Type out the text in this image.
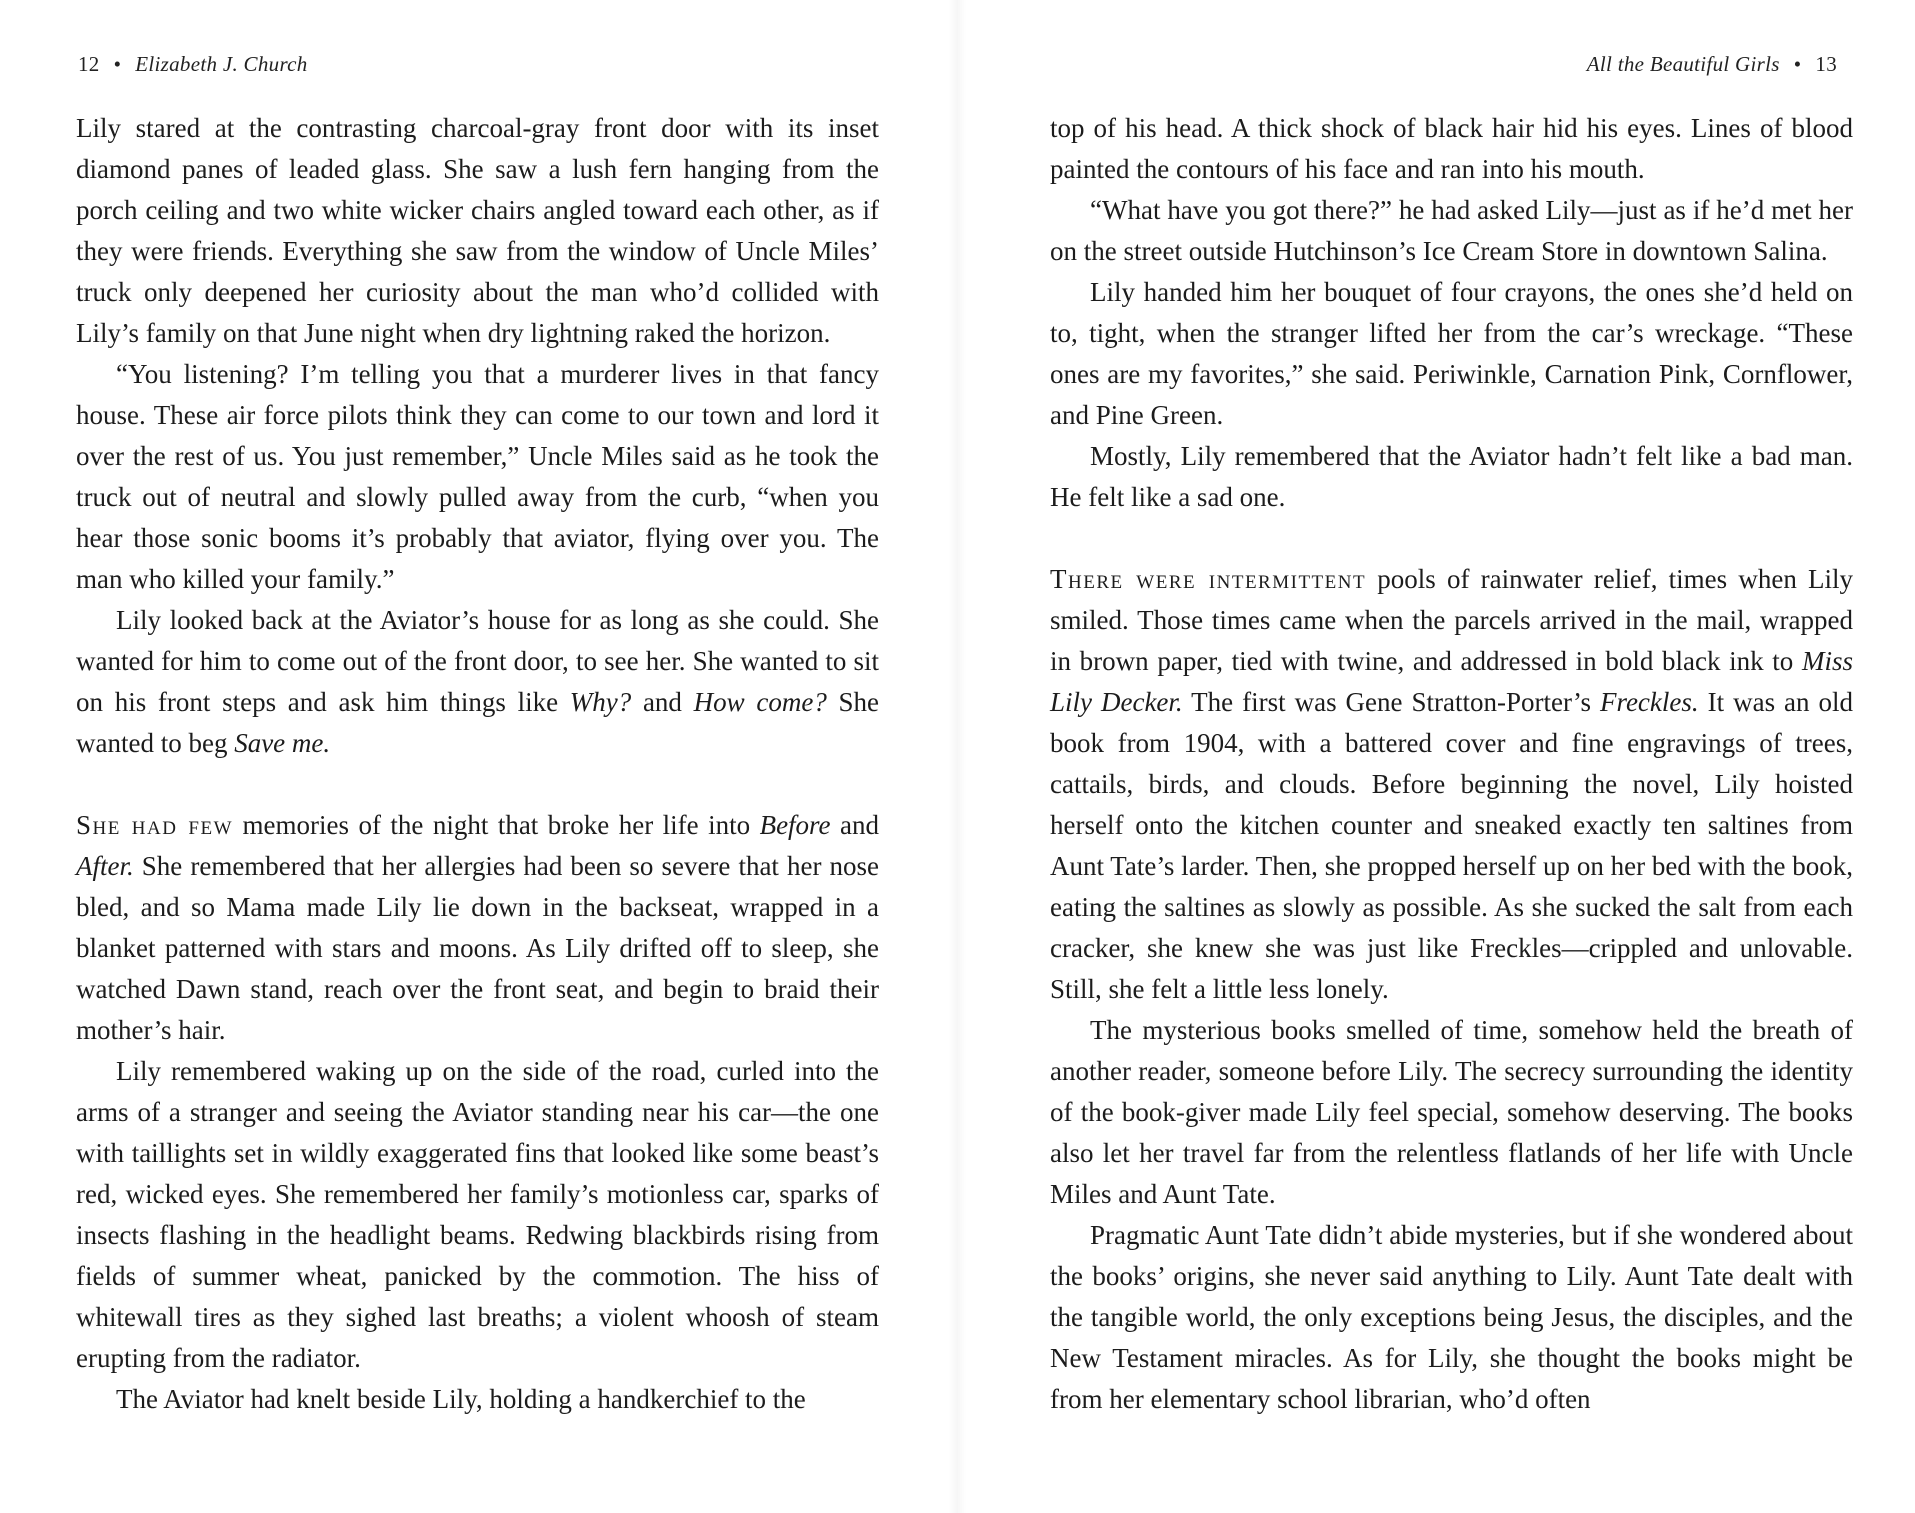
12 • Elizabeth J. Church

Lily stared at the contrasting charcoal-gray front door with its inset diamond panes of leaded glass. She saw a lush fern hanging from the porch ceiling and two white wicker chairs angled toward each other, as if they were friends. Everything she saw from the window of Uncle Miles’ truck only deepened her curiosity about the man who’d collided with Lily’s family on that June night when dry lightning raked the horizon.

“You listening? I’m telling you that a murderer lives in that fancy house. These air force pilots think they can come to our town and lord it over the rest of us. You just remember,” Uncle Miles said as he took the truck out of neutral and slowly pulled away from the curb, “when you hear those sonic booms it’s probably that aviator, flying over you. The man who killed your family.”

Lily looked back at the Aviator’s house for as long as she could. She wanted for him to come out of the front door, to see her. She wanted to sit on his front steps and ask him things like Why? and How come? She wanted to beg Save me.

She had few memories of the night that broke her life into Before and After. She remembered that her allergies had been so severe that her nose bled, and so Mama made Lily lie down in the backseat, wrapped in a blanket patterned with stars and moons. As Lily drifted off to sleep, she watched Dawn stand, reach over the front seat, and begin to braid their mother’s hair.

Lily remembered waking up on the side of the road, curled into the arms of a stranger and seeing the Aviator standing near his car—the one with taillights set in wildly exaggerated fins that looked like some beast’s red, wicked eyes. She remembered her family’s motionless car, sparks of insects flashing in the headlight beams. Redwing blackbirds rising from fields of summer wheat, panicked by the commotion. The hiss of whitewall tires as they sighed last breaths; a violent whoosh of steam erupting from the radiator.

The Aviator had knelt beside Lily, holding a handkerchief to the

All the Beautiful Girls • 13

top of his head. A thick shock of black hair hid his eyes. Lines of blood painted the contours of his face and ran into his mouth.

“What have you got there?” he had asked Lily—just as if he’d met her on the street outside Hutchinson’s Ice Cream Store in downtown Salina.

Lily handed him her bouquet of four crayons, the ones she’d held on to, tight, when the stranger lifted her from the car’s wreckage. “These ones are my favorites,” she said. Periwinkle, Carnation Pink, Cornflower, and Pine Green.

Mostly, Lily remembered that the Aviator hadn’t felt like a bad man. He felt like a sad one.

There were intermittent pools of rainwater relief, times when Lily smiled. Those times came when the parcels arrived in the mail, wrapped in brown paper, tied with twine, and addressed in bold black ink to Miss Lily Decker. The first was Gene Stratton-Porter’s Freckles. It was an old book from 1904, with a battered cover and fine engravings of trees, cattails, birds, and clouds. Before beginning the novel, Lily hoisted herself onto the kitchen counter and sneaked exactly ten saltines from Aunt Tate’s larder. Then, she propped herself up on her bed with the book, eating the saltines as slowly as possible. As she sucked the salt from each cracker, she knew she was just like Freckles—crippled and unlovable. Still, she felt a little less lonely.

The mysterious books smelled of time, somehow held the breath of another reader, someone before Lily. The secrecy surrounding the identity of the book-giver made Lily feel special, somehow deserving. The books also let her travel far from the relentless flatlands of her life with Uncle Miles and Aunt Tate.

Pragmatic Aunt Tate didn’t abide mysteries, but if she wondered about the books’ origins, she never said anything to Lily. Aunt Tate dealt with the tangible world, the only exceptions being Jesus, the disciples, and the New Testament miracles. As for Lily, she thought the books might be from her elementary school librarian, who’d often
